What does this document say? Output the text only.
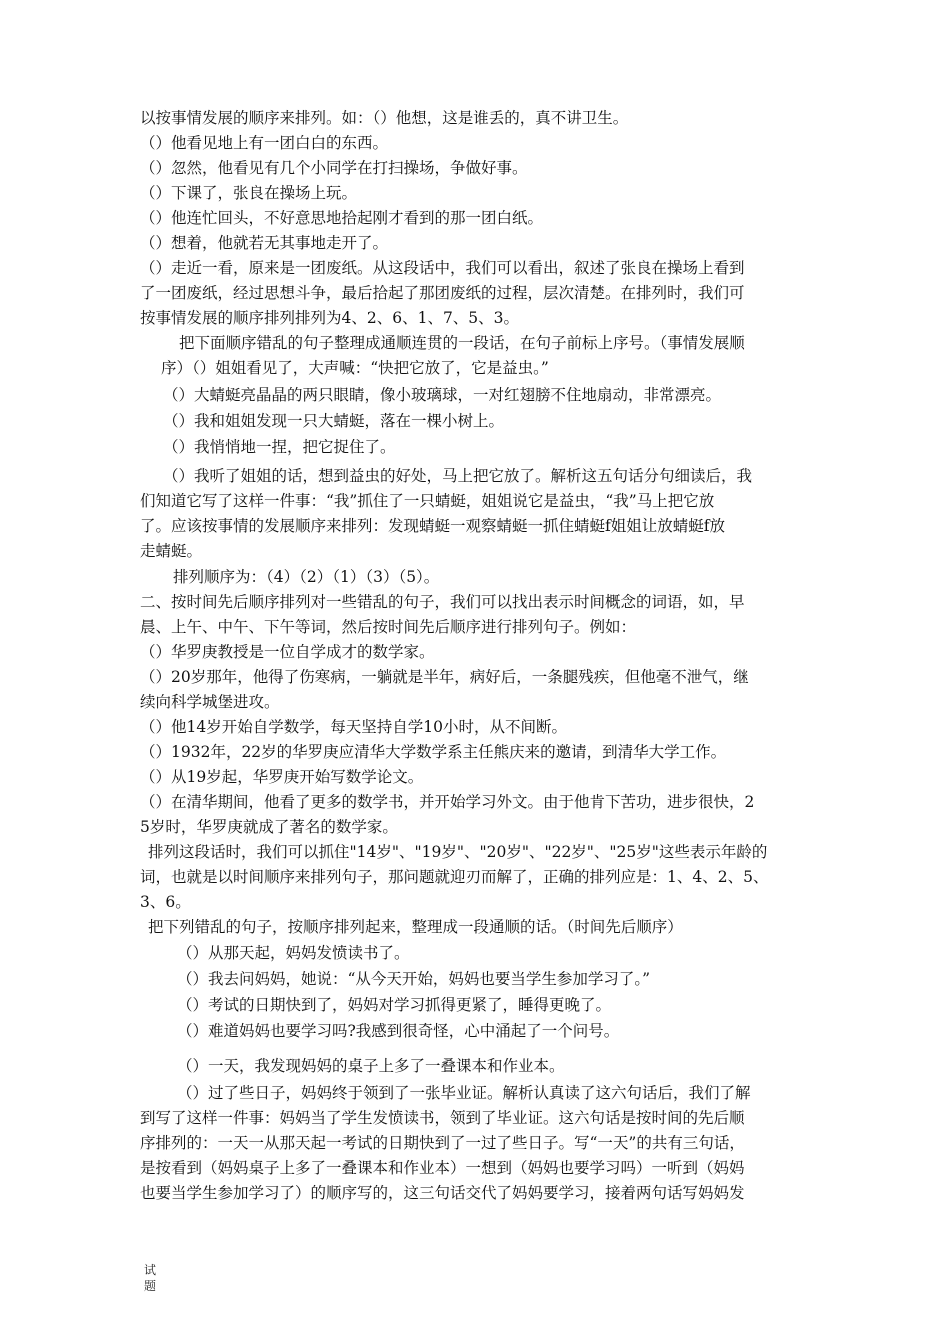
以按事情发展的顺序来排列。如：（）他想，这是谁丢的，真不讲卫生。
（）他看见地上有一团白白的东西。
（）忽然，他看见有几个小同学在打扫操场，争做好事。
（）下课了，张良在操场上玩。
（）他连忙回头，不好意思地拾起刚才看到的那一团白纸。
（）想着，他就若无其事地走开了。
（）走近一看，原来是一团废纸。从这段话中，我们可以看出，叙述了张良在操场上看到
了一团废纸，经过思想斗争，最后拾起了那团废纸的过程，层次清楚。在排列时，我们可
按事情发展的顺序排列排列为4、2、6、1、7、5、3。
把下面顺序错乱的句子整理成通顺连贯的一段话，在句子前标上序号。（事情发展顺
序）（）姐姐看见了，大声喊：“快把它放了，它是益虫。”
（）大蜻蜓亮晶晶的两只眼睛，像小玻璃球，一对红翅膀不住地扇动，非常漂亮。
（）我和姐姐发现一只大蜻蜓，落在一棵小树上。
（）我悄悄地一捏，把它捉住了。
（）我听了姐姐的话，想到益虫的好处，马上把它放了。解析这五句话分句细读后，我
们知道它写了这样一件事：“我”抓住了一只蜻蜓，姐姐说它是益虫，“我”马上把它放
了。应该按事情的发展顺序来排列：发现蜻蜓一观察蜻蜓一抓住蜻蜓f姐姐让放蜻蜓f放
走蜻蜓。
排列顺序为：（4）（2）（1）（3）（5）。
二、按时间先后顺序排列对一些错乱的句子，我们可以找出表示时间概念的词语，如，早
晨、上午、中午、下午等词，然后按时间先后顺序进行排列句子。例如：
（）华罗庚教授是一位自学成才的数学家。
（）20岁那年，他得了伤寒病，一躺就是半年，病好后，一条腿残疾，但他毫不泄气，继
续向科学城堡进攻。
（）他14岁开始自学数学，每天坚持自学10小时，从不间断。
（）1932年，22岁的华罗庚应清华大学数学系主任熊庆来的邀请，到清华大学工作。
（）从19岁起，华罗庚开始写数学论文。
（）在清华期间，他看了更多的数学书，并开始学习外文。由于他肯下苦功，进步很快，2
5岁时，华罗庚就成了著名的数学家。
排列这段话时，我们可以抓住"14岁"、"19岁"、"20岁"、"22岁"、"25岁"这些表示年龄的
词，也就是以时间顺序来排列句子，那问题就迎刃而解了，正确的排列应是：1、4、2、5、
3、6。
把下列错乱的句子，按顺序排列起来，整理成一段通顺的话。（时间先后顺序）
（）从那天起，妈妈发愤读书了。
（）我去问妈妈，她说：“从今天开始，妈妈也要当学生参加学习了。”
（）考试的日期快到了，妈妈对学习抓得更紧了，睡得更晚了。
（）难道妈妈也要学习吗?我感到很奇怪，心中涌起了一个问号。
（）一天，我发现妈妈的桌子上多了一叠课本和作业本。
（）过了些日子，妈妈终于领到了一张毕业证。解析认真读了这六句话后，我们了解
到写了这样一件事：妈妈当了学生发愤读书，领到了毕业证。这六句话是按时间的先后顺
序排列的：一天一从那天起一考试的日期快到了一过了些日子。写“一天”的共有三句话，
是按看到（妈妈桌子上多了一叠课本和作业本）一想到（妈妈也要学习吗）一听到（妈妈
也要当学生参加学习了）的顺序写的，这三句话交代了妈妈要学习，接着两句话写妈妈发
试
题
